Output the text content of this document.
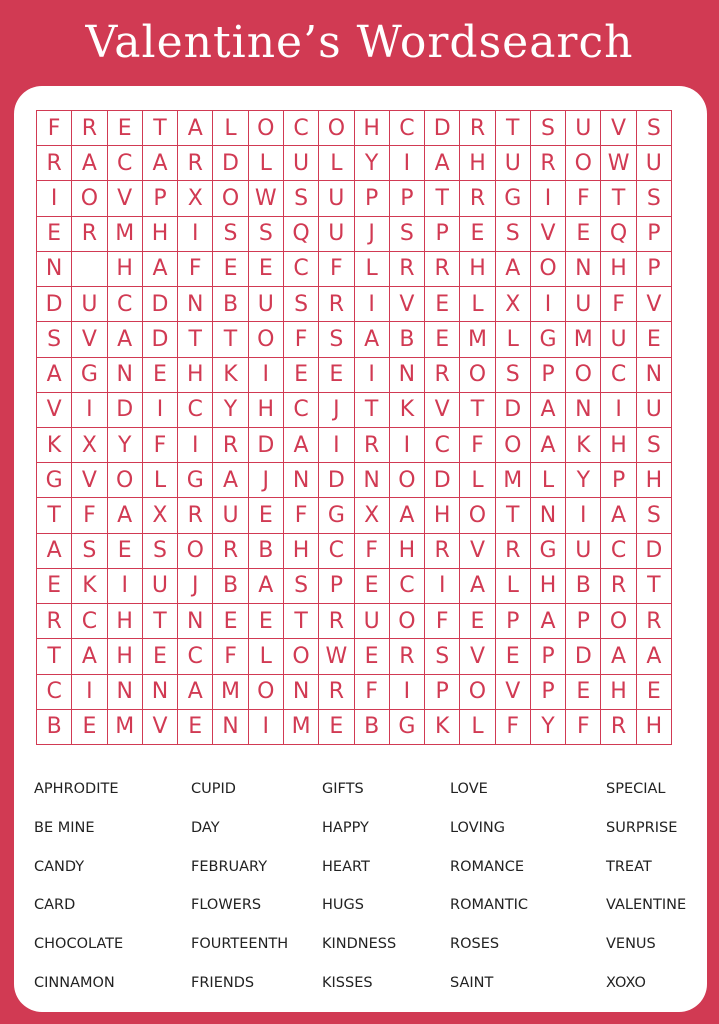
Valentine’s Wordsearch
F R E T A L O C O H C D R T S U V S
R A C A R D L U L	Y	I	A H U R O W U
I	O V P X O W S U P	P T R G	I	F	T S
E R M H	I	S S Q U	J	S P E S V E Q P
N	H A F	E E C F	L R R H A O N H P
D U C D N B U S R	I	V E	L X	I	U F V
S V A D T T O F S A B E M L G M U E
A G N E H K	I	E E	I	N R O S P O C N
V	I	D	I	C Y H C	J	T K V T D A N	I	U
K X Y	F	I	R D A	I	R	I	C F O A K H S
G V O L G A	J	N D N O D L M L	Y P H
T	F A X R U E	F G X A H O T N	I	A S
A S E S O R B H C F H R V R G U C D
E K	I	U	J	B A S P E C	I	A L H B R T
R C H T N E E T R U O F	E P A P O R
T A H E C F	L O W E R S V E P D A A
C	I	N N A M O N R F	I	P O V P E H E
B E M V E N	I	M E B G K L	F	Y	F R H
APHRODITE
BE MINE
CANDY
CARD
CHOCOLATE
CINNAMON
CUPID
DAY
FEBRUARY
FLOWERS
FOURTEENTH
FRIENDS
GIFTS
HAPPY
HEART
HUGS
KINDNESS
KISSES
LOVE
LOVING
ROMANCE
ROMANTIC
ROSES
SAINT
SPECIAL
SURPRISE
TREAT
VALENTINE
VENUS
XOXO
